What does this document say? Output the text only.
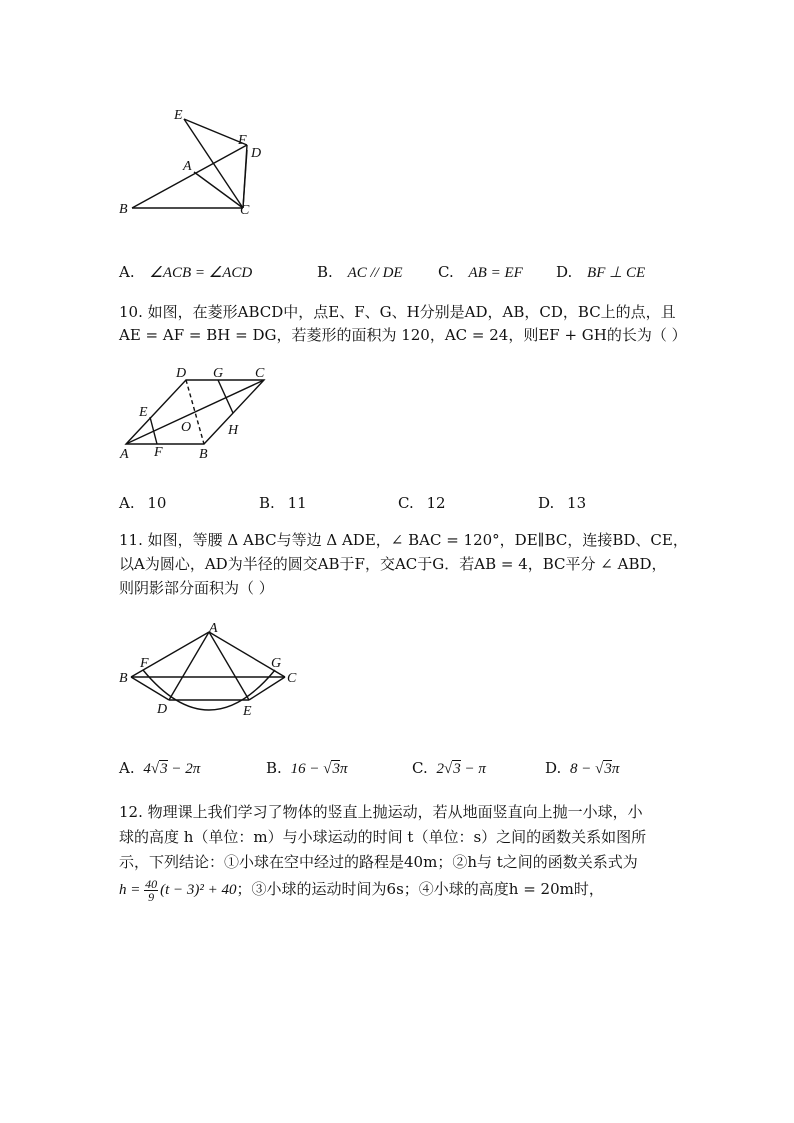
E
F
D
A
B	C
A. ∠ACB = ∠ACD	B. AC // DE C. AB = EF D. BF ⊥ CE
10. 如图，在菱形ABCD中，点E、F、G、H分别是AD，AB，CD，BC上的点，且
AE = AF = BH = DG，若菱形的面积为 120，AC = 24，则EF + GH的长为（ ）
D G C
E
O	H
A F	B
A. 10	B. 11	C. 12	D. 13
11. 如图，等腰 Δ ABC与等边 Δ ADE，∠ BAC = 120°，DE∥BC，连接BD、CE，
以A为圆心，AD为半径的圆交AB于F，交AC于G．若AB = 4，BC平分 ∠ ABD，
则阴影部分面积为（ ）
A
F	G
B	C
D	E
A. 4√3 − 2π	B. 16 − √3π	C. 2√3 − π	D. 8 − √3π
12. 物理课上我们学习了物体的竖直上抛运动，若从地面竖直向上抛一小球，小
球的高度 h（单位：m）与小球运动的时间 t（单位：s）之间的函数关系如图所
示，下列结论：①小球在空中经过的路程是40m；②h与 t之间的函数关系式为
$h = \frac{40}{9} (t - 3)^2 + 40$；③小球的运动时间为6s；④小球的高度h = 20m时，
